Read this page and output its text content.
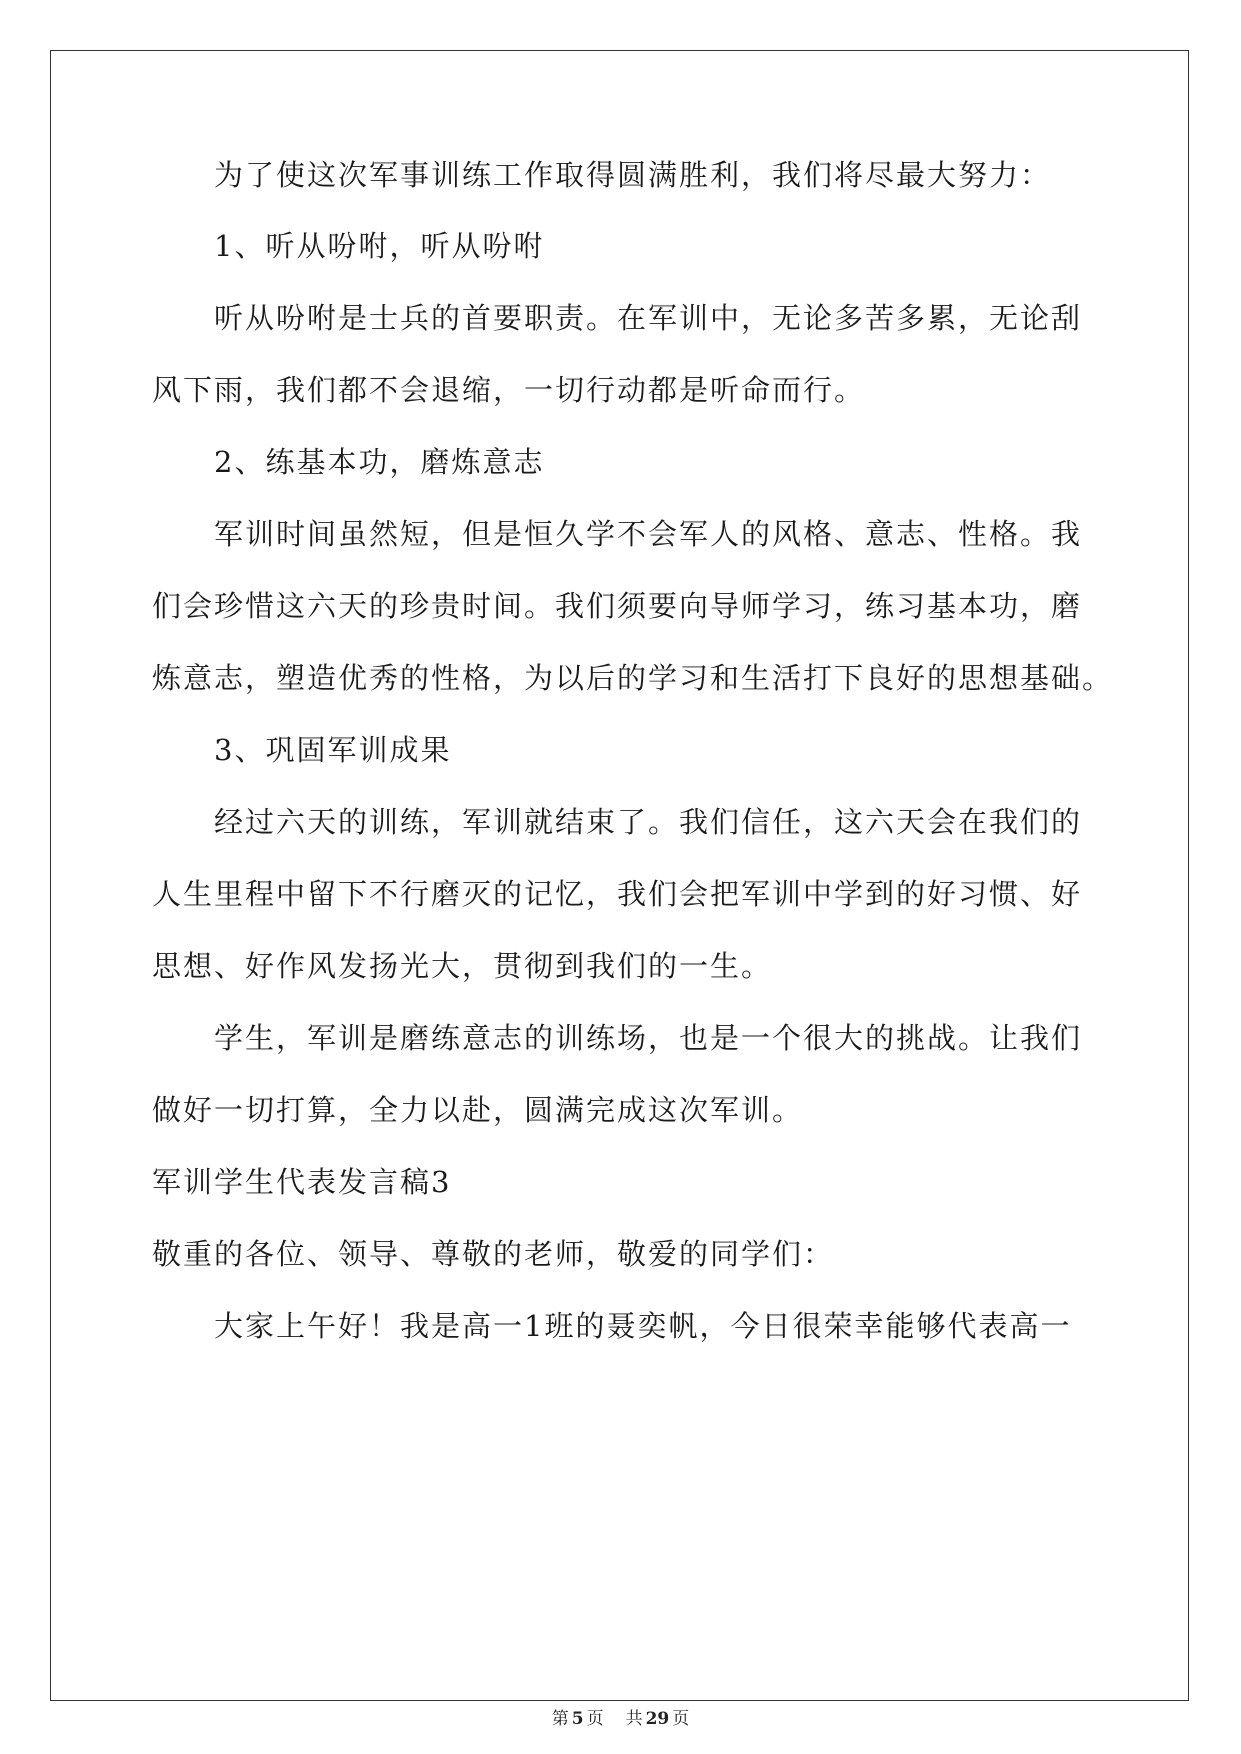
为了使这次军事训练工作取得圆满胜利，我们将尽最大努力：
1、听从吩咐，听从吩咐
听从吩咐是士兵的首要职责。在军训中，无论多苦多累，无论刮
风下雨，我们都不会退缩，一切行动都是听命而行。
2、练基本功，磨炼意志
军训时间虽然短，但是恒久学不会军人的风格、意志、性格。我
们会珍惜这六天的珍贵时间。我们须要向导师学习，练习基本功，磨
炼意志，塑造优秀的性格，为以后的学习和生活打下良好的思想基础。
3、巩固军训成果
经过六天的训练，军训就结束了。我们信任，这六天会在我们的
人生里程中留下不行磨灭的记忆，我们会把军训中学到的好习惯、好
思想、好作风发扬光大，贯彻到我们的一生。
学生，军训是磨练意志的训练场，也是一个很大的挑战。让我们
做好一切打算，全力以赴，圆满完成这次军训。
军训学生代表发言稿3
敬重的各位、领导、尊敬的老师，敬爱的同学们：
大家上午好！我是高一1班的聂奕帆，今日很荣幸能够代表高一
第 5 页 共 29 页
